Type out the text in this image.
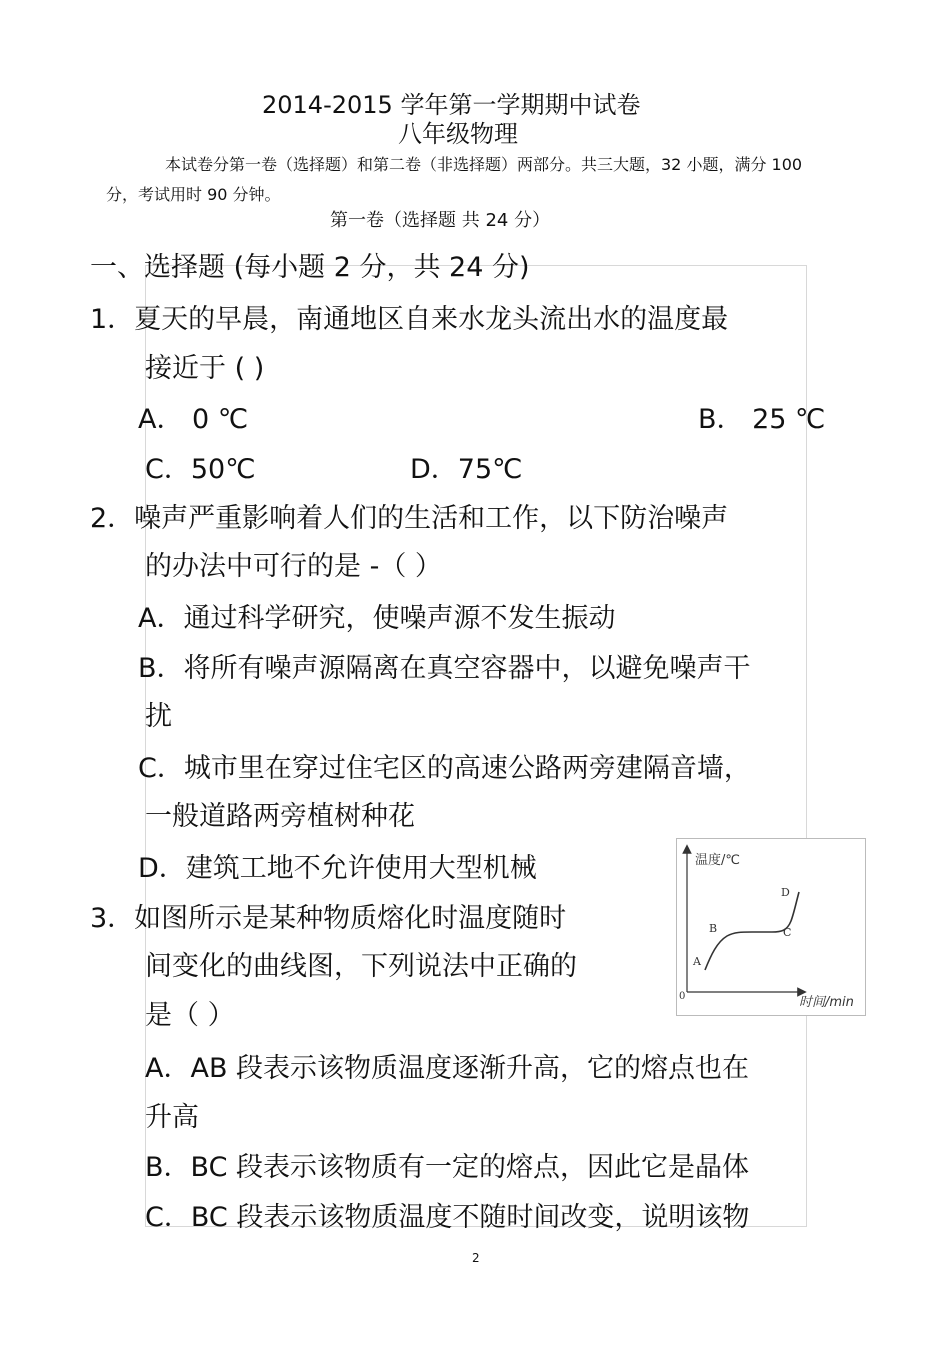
2014-2015 学年第一学期期中试卷
八年级物理
本试卷分第一卷（选择题）和第二卷（非选择题）两部分。共三大题，32 小题，满分 100
分，考试用时 90 分钟。
第一卷（选择题 共 24 分）
一、选择题 (每小题 2 分，共 24 分)
1．夏天的早晨，南通地区自来水龙头流出水的温度最
接近于 ( )
A． 0 ℃	B． 25 ℃
C．50℃	D．75℃
2．噪声严重影响着人们的生活和工作，以下防治噪声
的办法中可行的是 -（ ）
A．通过科学研究，使噪声源不发生振动
B．将所有噪声源隔离在真空容器中，以避免噪声干
扰
C．城市里在穿过住宅区的高速公路两旁建隔音墙，
一般道路两旁植树种花
D．建筑工地不允许使用大型机械
3．如图所示是某种物质熔化时温度随时
间变化的曲线图，下列说法中正确的
是（ ）
A．AB 段表示该物质温度逐渐升高，它的熔点也在
升高
B．BC 段表示该物质有一定的熔点，因此它是晶体
C．BC 段表示该物质温度不随时间改变，说明该物
温度/℃
时间/min
0
A
B	C
D
2
